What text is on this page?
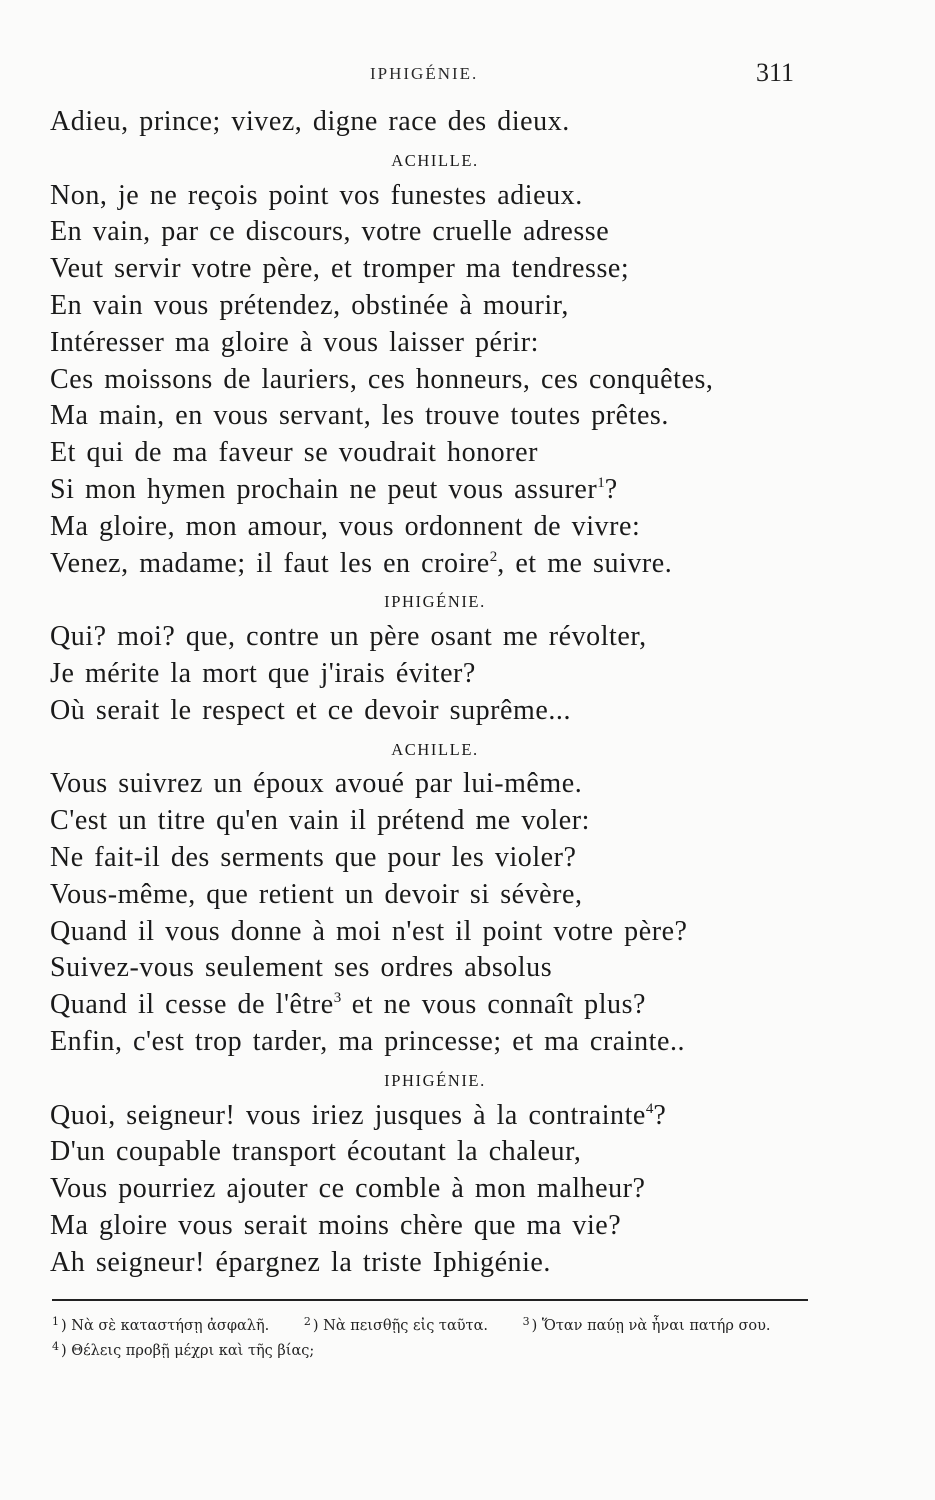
IPHIGÉNIE.	311
Adieu, prince; vivez, digne race des dieux.
ACHILLE.
Non, je ne reçois point vos funestes adieux.
En vain, par ce discours, votre cruelle adresse
Veut servir votre père, et tromper ma tendresse;
En vain vous prétendez, obstinée à mourir,
Intéresser ma gloire à vous laisser périr:
Ces moissons de lauriers, ces honneurs, ces conquêtes,
Ma main, en vous servant, les trouve toutes prêtes.
Et qui de ma faveur se voudrait honorer
Si mon hymen prochain ne peut vous assurer$^1$?
Ma gloire, mon amour, vous ordonnent de vivre:
Venez, madame; il faut les en croire$^2$, et me suivre.
IPHIGÉNIE.
Qui? moi? que, contre un père osant me révolter,
Je mérite la mort que j'irais éviter?
Où serait le respect et ce devoir suprême...
ACHILLE.
Vous suivrez un époux avoué par lui-même.
C'est un titre qu'en vain il prétend me voler:
Ne fait-il des serments que pour les violer?
Vous-même, que retient un devoir si sévère,
Quand il vous donne à moi n'est il point votre père?
Suivez-vous seulement ses ordres absolus
Quand il cesse de l'être$^3$ et ne vous connaît plus?
Enfin, c'est trop tarder, ma princesse; et ma crainte..
IPHIGÉNIE.
Quoi, seigneur! vous iriez jusques à la contrainte$^4$?
D'un coupable transport écoutant la chaleur,
Vous pourriez ajouter ce comble à mon malheur?
Ma gloire vous serait moins chère que ma vie?
Ah seigneur! épargnez la triste Iphigénie.
$^1$ ) Νὰ σὲ καταστήσῃ ἀσφαλῆ.	$^2$ ) Νὰ πεισθῇς εἰς ταῦτα.	$^3$ ) Ὅταν παύῃ νὰ ἦναι πατήρ σου.
$^4$ ) Θέλεις προβῇ μέχρι καὶ τῆς βίας;
